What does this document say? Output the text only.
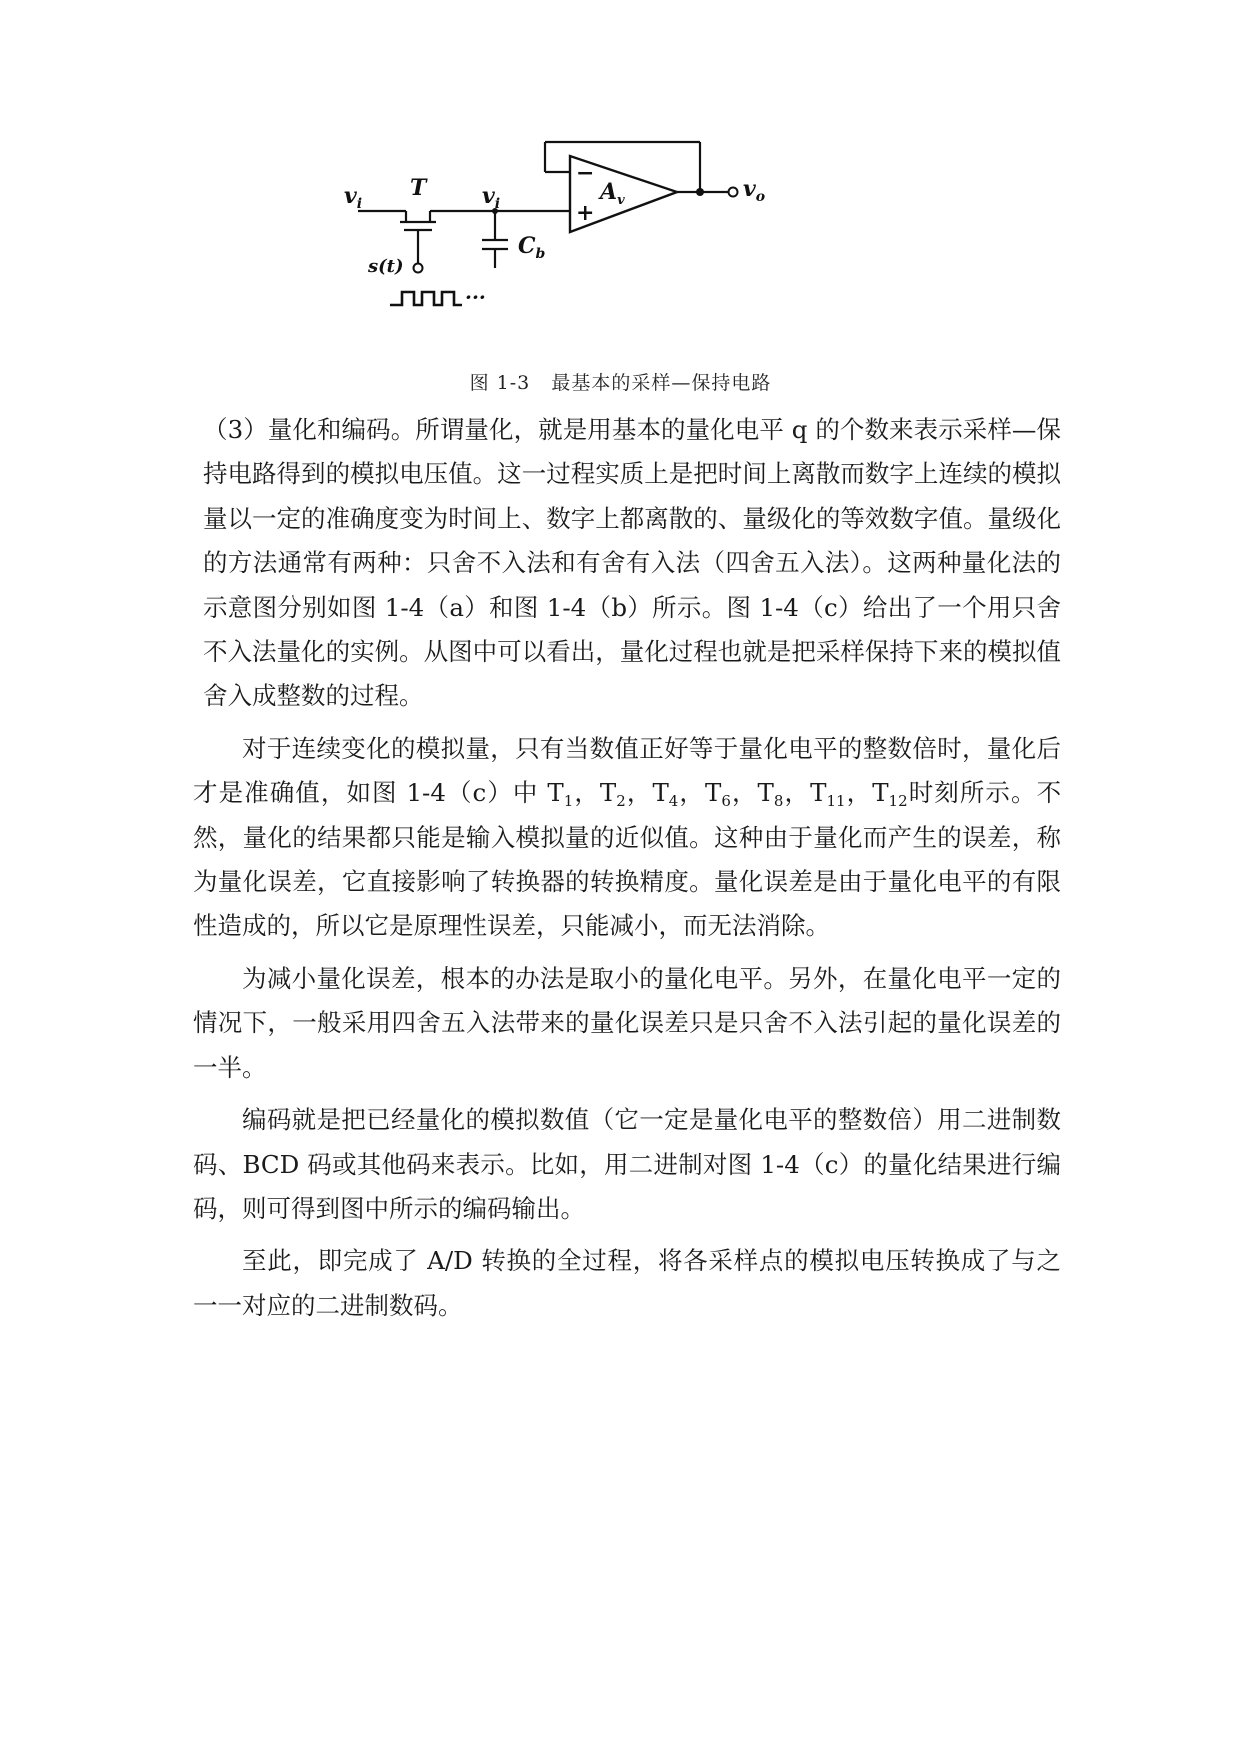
$v_i$
T	$v_i$	$A_v$	$v_o$
$C_b$
s(t)
···
−
+
图 1-3   最基本的采样—保持电路

（3）量化和编码。所谓量化，就是用基本的量化电平 q 的个数来表示采样—保持电路得到的模拟电压值。这一过程实质上是把时间上离散而数字上连续的模拟量以一定的准确度变为时间上、数字上都离散的、量级化的等效数字值。量级化的方法通常有两种：只舍不入法和有舍有入法（四舍五入法）。这两种量化法的示意图分别如图 1-4（a）和图 1-4（b）所示。图 1-4（c）给出了一个用只舍不入法量化的实例。从图中可以看出，量化过程也就是把采样保持下来的模拟值舍入成整数的过程。

对于连续变化的模拟量，只有当数值正好等于量化电平的整数倍时，量化后才是准确值，如图 1-4（c）中 $T_1$，$T_2$，$T_4$，$T_6$，$T_8$，$T_{11}$，$T_{12}$时刻所示。不然，量化的结果都只能是输入模拟量的近似值。这种由于量化而产生的误差，称为量化误差，它直接影响了转换器的转换精度。量化误差是由于量化电平的有限性造成的，所以它是原理性误差，只能减小，而无法消除。

为减小量化误差，根本的办法是取小的量化电平。另外，在量化电平一定的情况下，一般采用四舍五入法带来的量化误差只是只舍不入法引起的量化误差的一半。

编码就是把已经量化的模拟数值（它一定是量化电平的整数倍）用二进制数码、BCD 码或其他码来表示。比如，用二进制对图 1-4（c）的量化结果进行编码，则可得到图中所示的编码输出。

至此，即完成了 A/D 转换的全过程，将各采样点的模拟电压转换成了与之一一对应的二进制数码。
